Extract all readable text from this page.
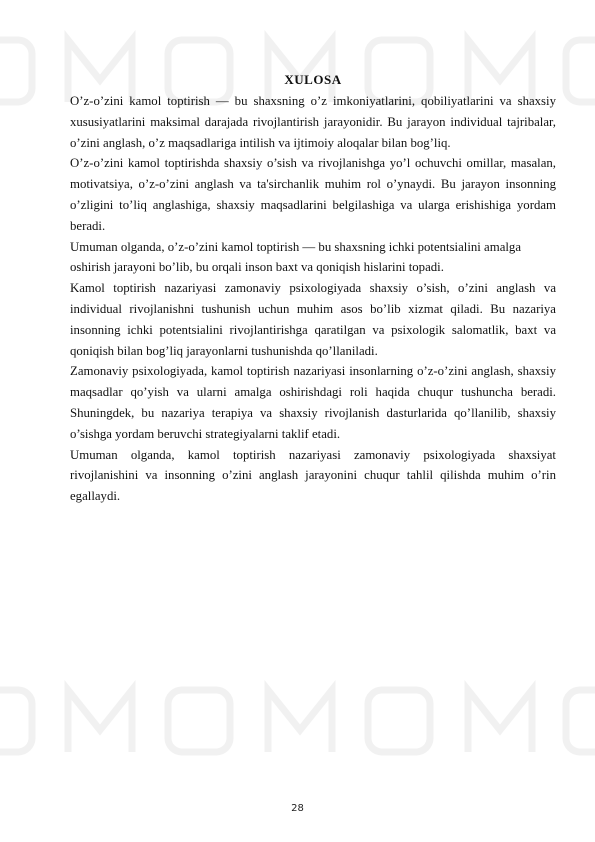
XULOSA

O’z-o’zini kamol toptirish — bu shaxsning o’z imkoniyatlarini, qobiliyatlarini va shaxsiy xususiyatlarini maksimal darajada rivojlantirish jarayonidir. Bu jarayon individual tajribalar, o’zini anglash, o’z maqsadlariga intilish va ijtimoiy aloqalar bilan bog’liq.

O’z-o’zini kamol toptirishda shaxsiy o’sish va rivojlanishga yo’l ochuvchi omillar, masalan, motivatsiya, o’z-o’zini anglash va ta'sirchanlik muhim rol o’ynaydi. Bu jarayon insonning o’zligini to’liq anglashiga, shaxsiy maqsadlarini belgilashiga va ularga erishishiga yordam beradi.

Umuman olganda, o’z-o’zini kamol toptirish — bu shaxsning ichki potentsialini amalga oshirish jarayoni bo’lib, bu orqali inson baxt va qoniqish hislarini topadi.

Kamol toptirish nazariyasi zamonaviy psixologiyada shaxsiy o’sish, o’zini anglash va individual rivojlanishni tushunish uchun muhim asos bo’lib xizmat qiladi. Bu nazariya insonning ichki potentsialini rivojlantirishga qaratilgan va psixologik salomatlik, baxt va qoniqish bilan bog’liq jarayonlarni tushunishda qo’llaniladi.

Zamonaviy psixologiyada, kamol toptirish nazariyasi insonlarning o’z-o’zini anglash, shaxsiy maqsadlar qo’yish va ularni amalga oshirishdagi roli haqida chuqur tushuncha beradi. Shuningdek, bu nazariya terapiya va shaxsiy rivojlanish dasturlarida qo’llanilib, shaxsiy o’sishga yordam beruvchi strategiyalarni taklif etadi.

Umuman olganda, kamol toptirish nazariyasi zamonaviy psixologiyada shaxsiyat rivojlanishini va insonning o’zini anglash jarayonini chuqur tahlil qilishda muhim o’rin egallaydi.

28
